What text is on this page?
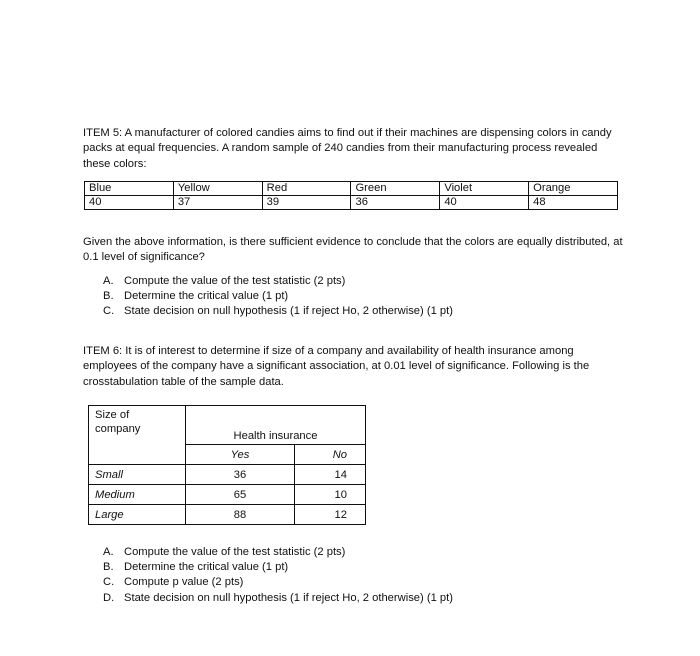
ITEM 5: A manufacturer of colored candies aims to find out if their machines are dispensing colors in candy packs at equal frequencies. A random sample of 240 candies from their manufacturing process revealed these colors:

Blue	Yellow	Red	Green	Violet	Orange
40	37	39	36	40	48

Given the above information, is there sufficient evidence to conclude that the colors are equally distributed, at 0.1 level of significance?

A. Compute the value of the test statistic (2 pts)
B. Determine the critical value (1 pt)
C. State decision on null hypothesis (1 if reject Ho, 2 otherwise) (1 pt)

ITEM 6: It is of interest to determine if size of a company and availability of health insurance among employees of the company have a significant association, at 0.01 level of significance. Following is the crosstabulation table of the sample data.

Size of
company	Health insurance	
	Yes	No
Small	36	14
Medium	65	10
Large	88	12
A. Compute the value of the test statistic (2 pts)
B. Determine the critical value (1 pt)
C. Compute p value (2 pts)
D. State decision on null hypothesis (1 if reject Ho, 2 otherwise) (1 pt)
